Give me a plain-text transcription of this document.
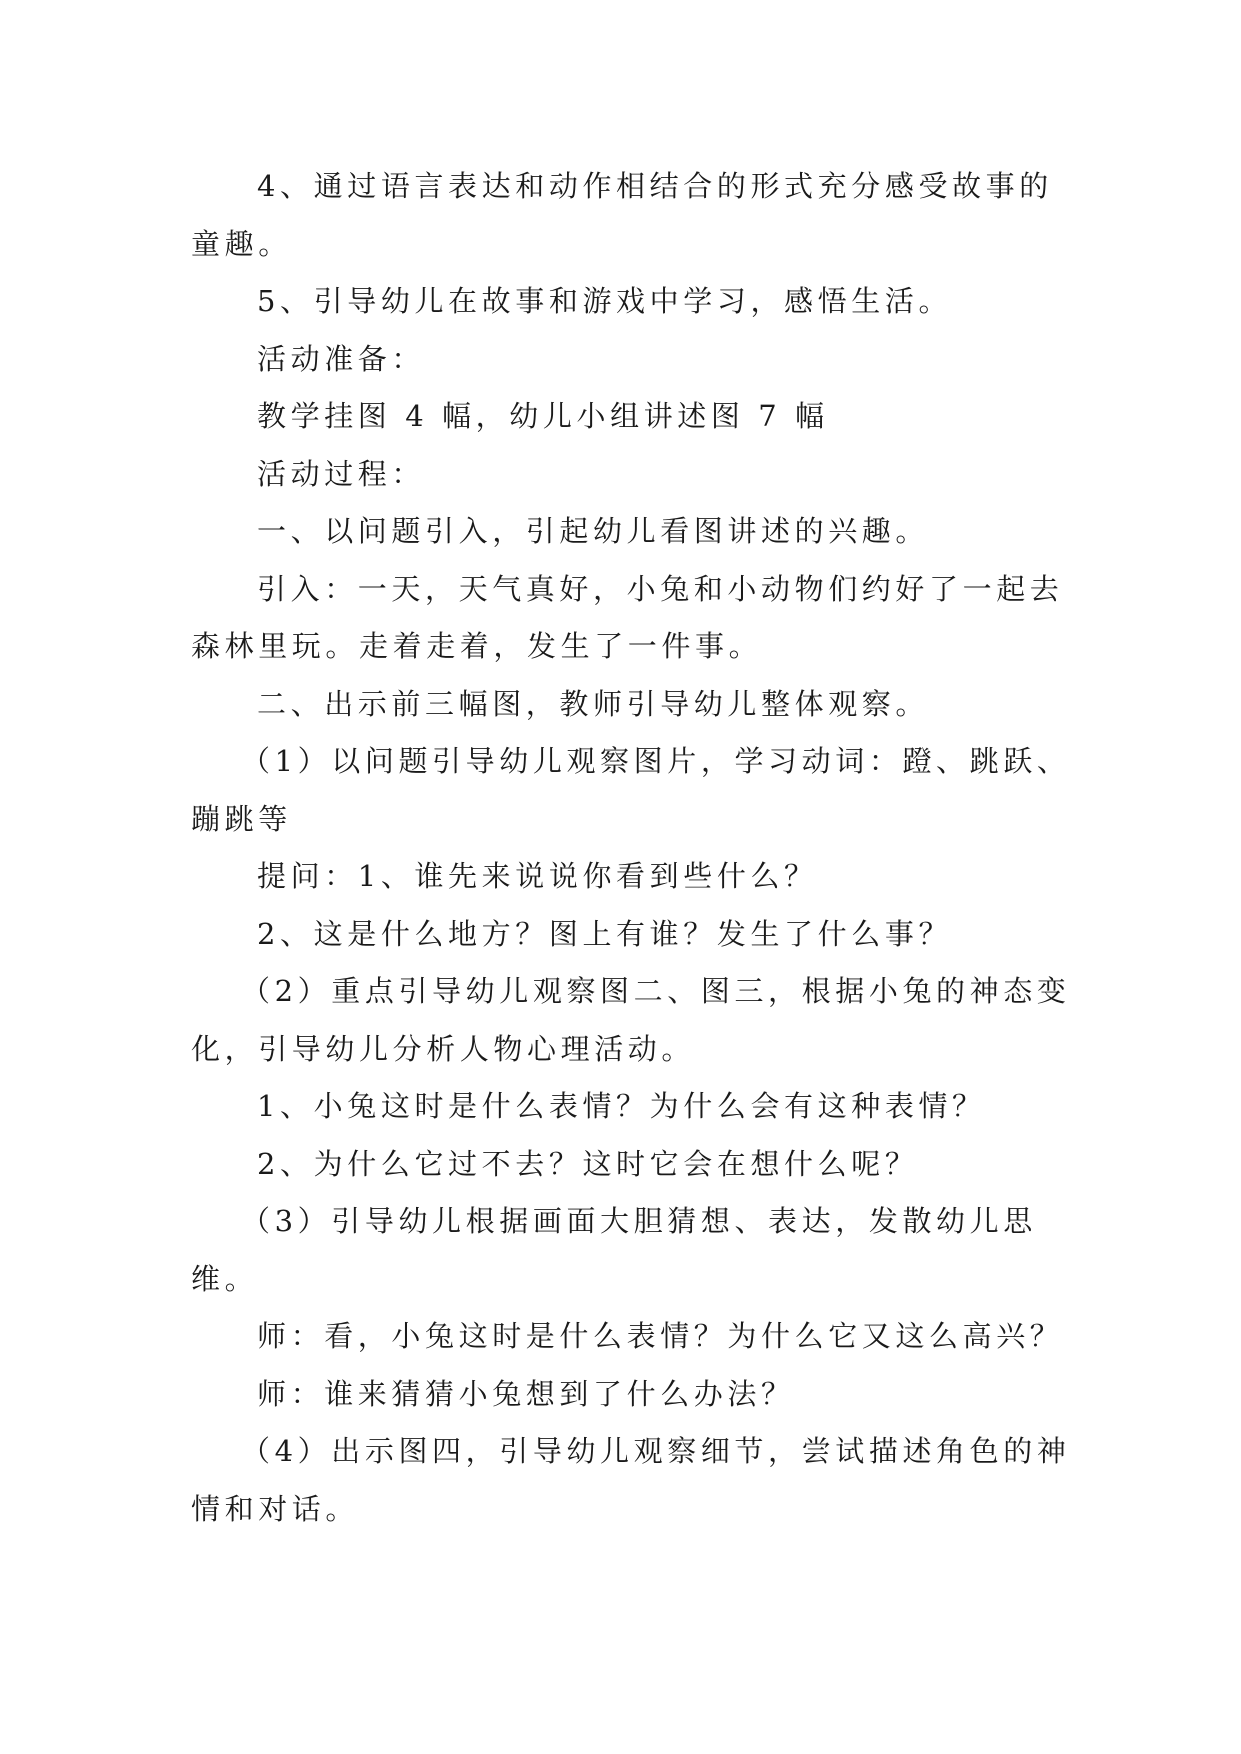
4、通过语言表达和动作相结合的形式充分感受故事的童趣。

5、引导幼儿在故事和游戏中学习，感悟生活。

活动准备：

教学挂图 4 幅，幼儿小组讲述图 7 幅

活动过程：

一、以问题引入，引起幼儿看图讲述的兴趣。

引入：一天，天气真好，小兔和小动物们约好了一起去森林里玩。走着走着，发生了一件事。

二、出示前三幅图，教师引导幼儿整体观察。

（1）以问题引导幼儿观察图片，学习动词：蹬、跳跃、蹦跳等

提问：1、谁先来说说你看到些什么？

2、这是什么地方？图上有谁？发生了什么事？

（2）重点引导幼儿观察图二、图三，根据小兔的神态变化，引导幼儿分析人物心理活动。

1、小兔这时是什么表情？为什么会有这种表情？

2、为什么它过不去？这时它会在想什么呢？

（3）引导幼儿根据画面大胆猜想、表达，发散幼儿思维。

师：看，小兔这时是什么表情？为什么它又这么高兴？

师：谁来猜猜小兔想到了什么办法？

（4）出示图四，引导幼儿观察细节，尝试描述角色的神情和对话。
